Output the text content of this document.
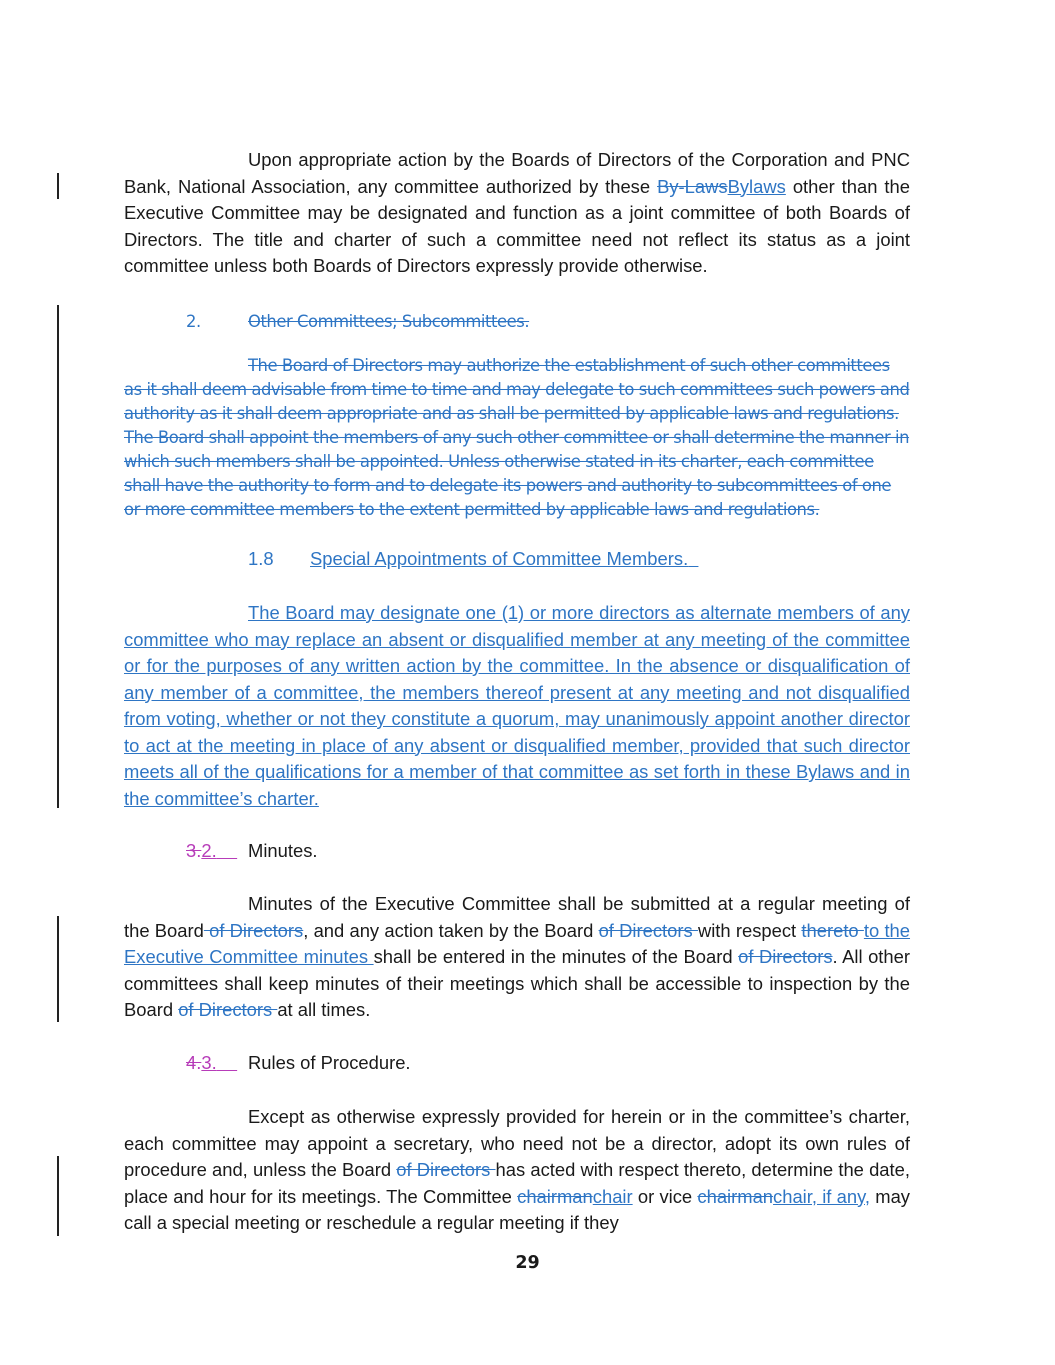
Upon appropriate action by the Boards of Directors of the Corporation and PNC Bank, National Association, any committee authorized by these By-LawsBylaws other than the Executive Committee may be designated and function as a joint committee of both Boards of Directors. The title and charter of such a committee need not reflect its status as a joint committee unless both Boards of Directors expressly provide otherwise.
2.	Other Committees; Subcommittees.
The Board of Directors may authorize the establishment of such other committees as it shall deem advisable from time to time and may delegate to such committees such powers and authority as it shall deem appropriate and as shall be permitted by applicable laws and regulations. The Board shall appoint the members of any such other committee or shall determine the manner in which such members shall be appointed. Unless otherwise stated in its charter, each committee shall have the authority to form and to delegate its powers and authority to subcommittees of one or more committee members to the extent permitted by applicable laws and regulations.
1.8 Special Appointments of Committee Members.
The Board may designate one (1) or more directors as alternate members of any committee who may replace an absent or disqualified member at any meeting of the committee or for the purposes of any written action by the committee. In the absence or disqualification of any member of a committee, the members thereof present at any meeting and not disqualified from voting, whether or not they constitute a quorum, may unanimously appoint another director to act at the meeting in place of any absent or disqualified member, provided that such director meets all of the qualifications for a member of that committee as set forth in these Bylaws and in the committee’s charter.
3.2. Minutes.
Minutes of the Executive Committee shall be submitted at a regular meeting of the Board of Directors, and any action taken by the Board of Directors with respect thereto to the Executive Committee minutes shall be entered in the minutes of the Board of Directors. All other committees shall keep minutes of their meetings which shall be accessible to inspection by the Board of Directors at all times.
4.3. Rules of Procedure.
Except as otherwise expressly provided for herein or in the committee’s charter, each committee may appoint a secretary, who need not be a director, adopt its own rules of procedure and, unless the Board of Directors has acted with respect thereto, determine the date, place and hour for its meetings. The Committee chairmanchair or vice chairmanchair, if any, may call a special meeting or reschedule a regular meeting if they
29
